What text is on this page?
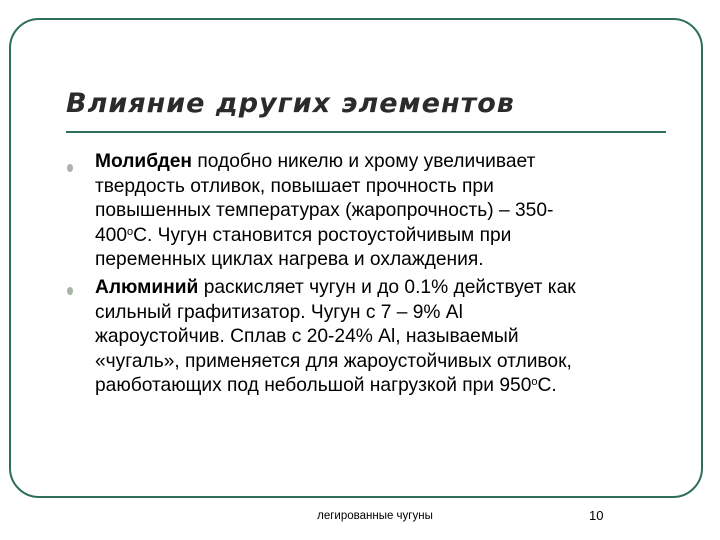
Влияние других элементов
Молибден подобно никелю и хрому увеличивает
твердость отливок, повышает прочность при
повышенных температурах (жаропрочность) – 350-
400$^o$С. Чугун становится ростоустойчивым при
переменных циклах нагрева и охлаждения.
Алюминий раскисляет чугун и до 0.1% действует как
сильный графитизатор. Чугун с 7 – 9% Al
жароустойчив. Сплав с 20-24% Al, называемый
«чугаль», применяется для жароустойчивых отливок,
раюботающих под небольшой нагрузкой при 950$^o$С.
легированные чугуны	10
